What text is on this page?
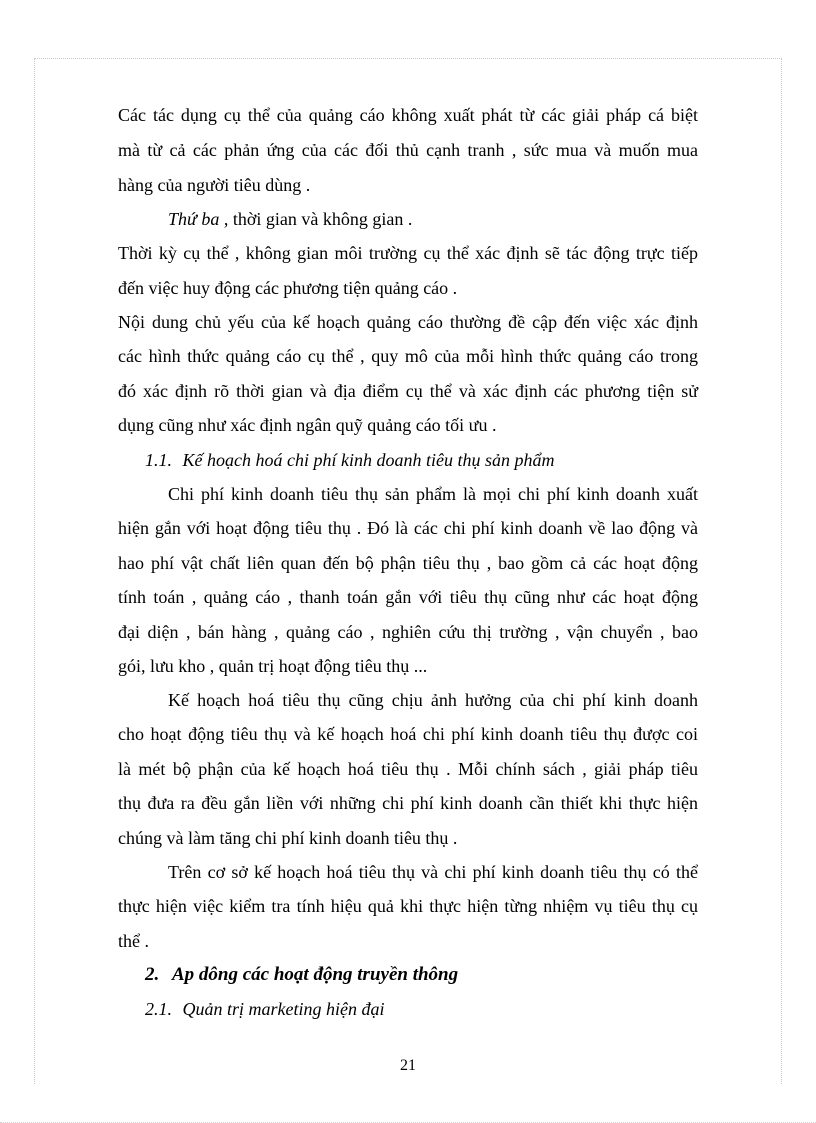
Các tác dụng cụ thể của quảng cáo không xuất phát từ các giải pháp cá biệt
mà từ cả các phản ứng của các đối thủ cạnh tranh , sức mua và muốn mua
hàng của người tiêu dùng .
Thứ ba , thời gian và không gian .
Thời kỳ cụ thể , không gian môi trường cụ thể xác định sẽ tác động trực tiếp
đến việc huy động các phương tiện quảng cáo .
Nội dung chủ yếu của kế hoạch quảng cáo thường đề cập đến việc xác định
các hình thức quảng cáo cụ thể , quy mô của mỗi hình thức quảng cáo trong
đó xác định rõ thời gian và địa điểm cụ thể và xác định các phương tiện sử
dụng cũng như xác định ngân quỹ quảng cáo tối ưu .
1.1. Kế hoạch hoá chi phí kinh doanh tiêu thụ sản phẩm
Chi phí kinh doanh tiêu thụ sản phẩm là mọi chi phí kinh doanh xuất
hiện gắn với hoạt động tiêu thụ . Đó là các chi phí kinh doanh về lao động và
hao phí vật chất liên quan đến bộ phận tiêu thụ , bao gồm cả các hoạt động
tính toán , quảng cáo , thanh toán gắn với tiêu thụ cũng như các hoạt động
đại diện , bán hàng , quảng cáo , nghiên cứu thị trường , vận chuyển , bao
gói, lưu kho , quản trị hoạt động tiêu thụ ...
Kế hoạch hoá tiêu thụ cũng chịu ảnh hưởng của chi phí kinh doanh
cho hoạt động tiêu thụ và kế hoạch hoá chi phí kinh doanh tiêu thụ được coi
là mét bộ phận của kế hoạch hoá tiêu thụ . Mỗi chính sách , giải pháp tiêu
thụ đưa ra đều gắn liền với những chi phí kinh doanh cần thiết khi thực hiện
chúng và làm tăng chi phí kinh doanh tiêu thụ .
Trên cơ sở kế hoạch hoá tiêu thụ và chi phí kinh doanh tiêu thụ có thể
thực hiện việc kiểm tra tính hiệu quả khi thực hiện từng nhiệm vụ tiêu thụ cụ
thể .
2. Ap dông các hoạt động truyền thông
2.1. Quản trị marketing hiện đại
21
